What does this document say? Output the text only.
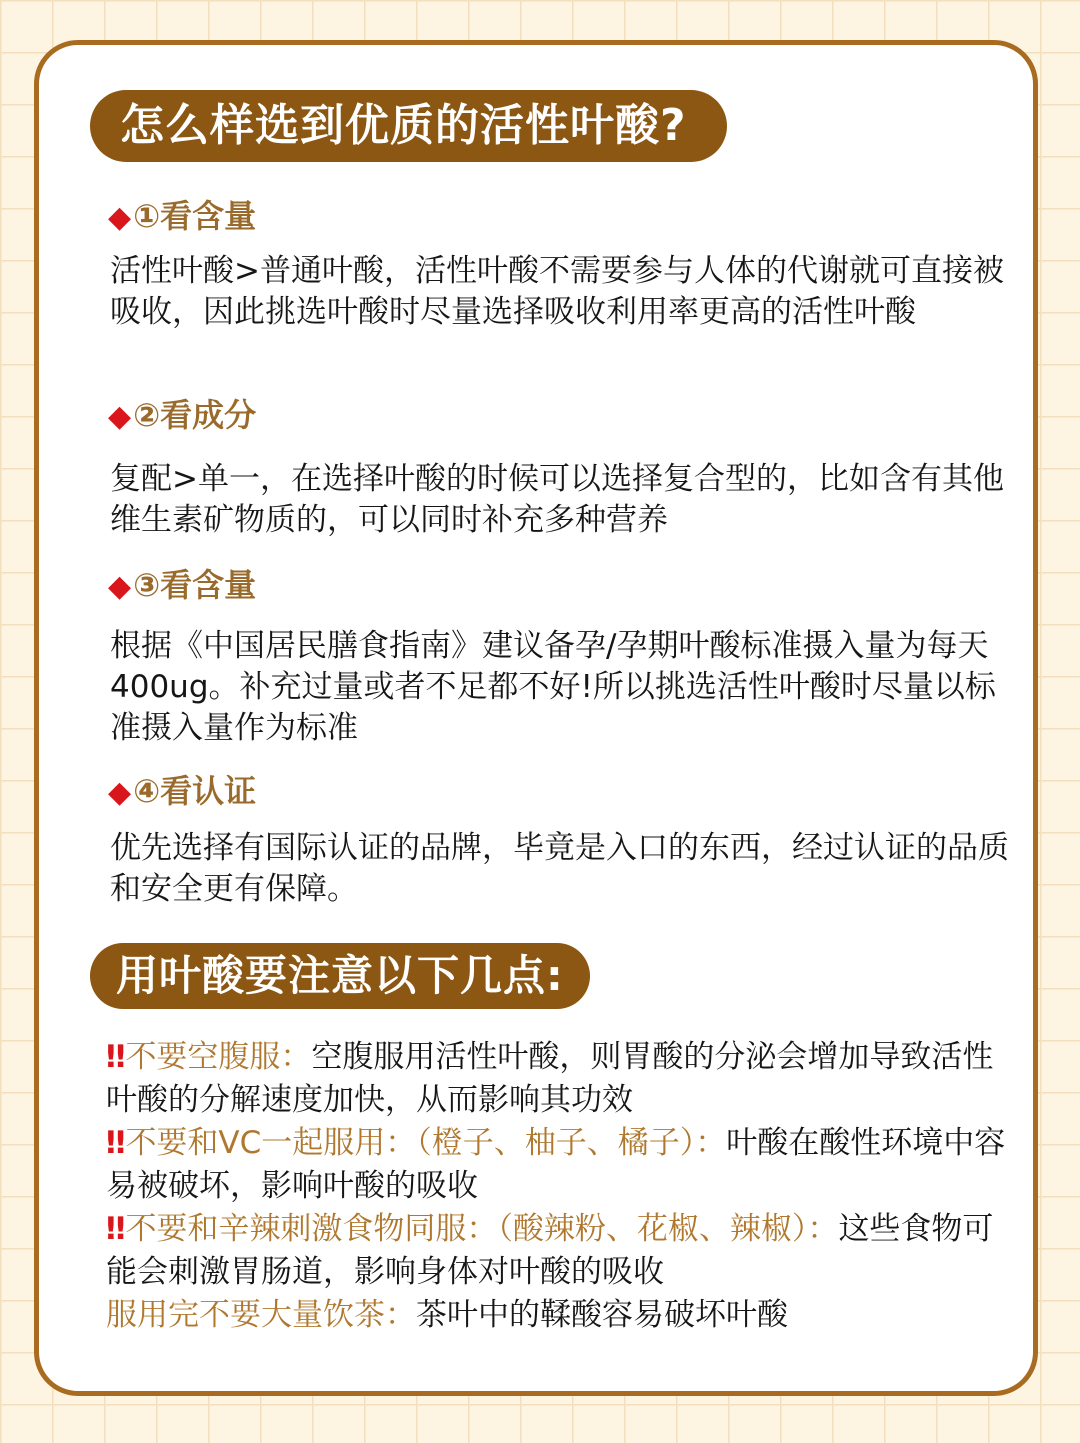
怎么样选到优质的活性叶酸?
◆①看含量
活性叶酸>普通叶酸，活性叶酸不需要参与人体的代谢就可直接被吸收，因此挑选叶酸时尽量选择吸收利用率更高的活性叶酸
◆②看成分
复配>单一，在选择叶酸的时候可以选择复合型的，比如含有其他维生素矿物质的，可以同时补充多种营养
◆③看含量
根据《中国居民膳食指南》建议备孕/孕期叶酸标准摄入量为每天400ug。补充过量或者不足都不好!所以挑选活性叶酸时尽量以标准摄入量作为标准
◆④看认证
优先选择有国际认证的品牌，毕竟是入口的东西，经过认证的品质和安全更有保障。
用叶酸要注意以下几点:

‼不要空腹服：空腹服用活性叶酸，则胃酸的分泌会增加导致活性叶酸的分解速度加快，从而影响其功效

‼不要和VC一起服用：（橙子、柚子、橘子）：叶酸在酸性环境中容易被破坏，影响叶酸的吸收

‼不要和辛辣刺激食物同服：（酸辣粉、花椒、辣椒）：这些食物可能会刺激胃肠道，影响身体对叶酸的吸收

服用完不要大量饮茶：茶叶中的鞣酸容易破坏叶酸
